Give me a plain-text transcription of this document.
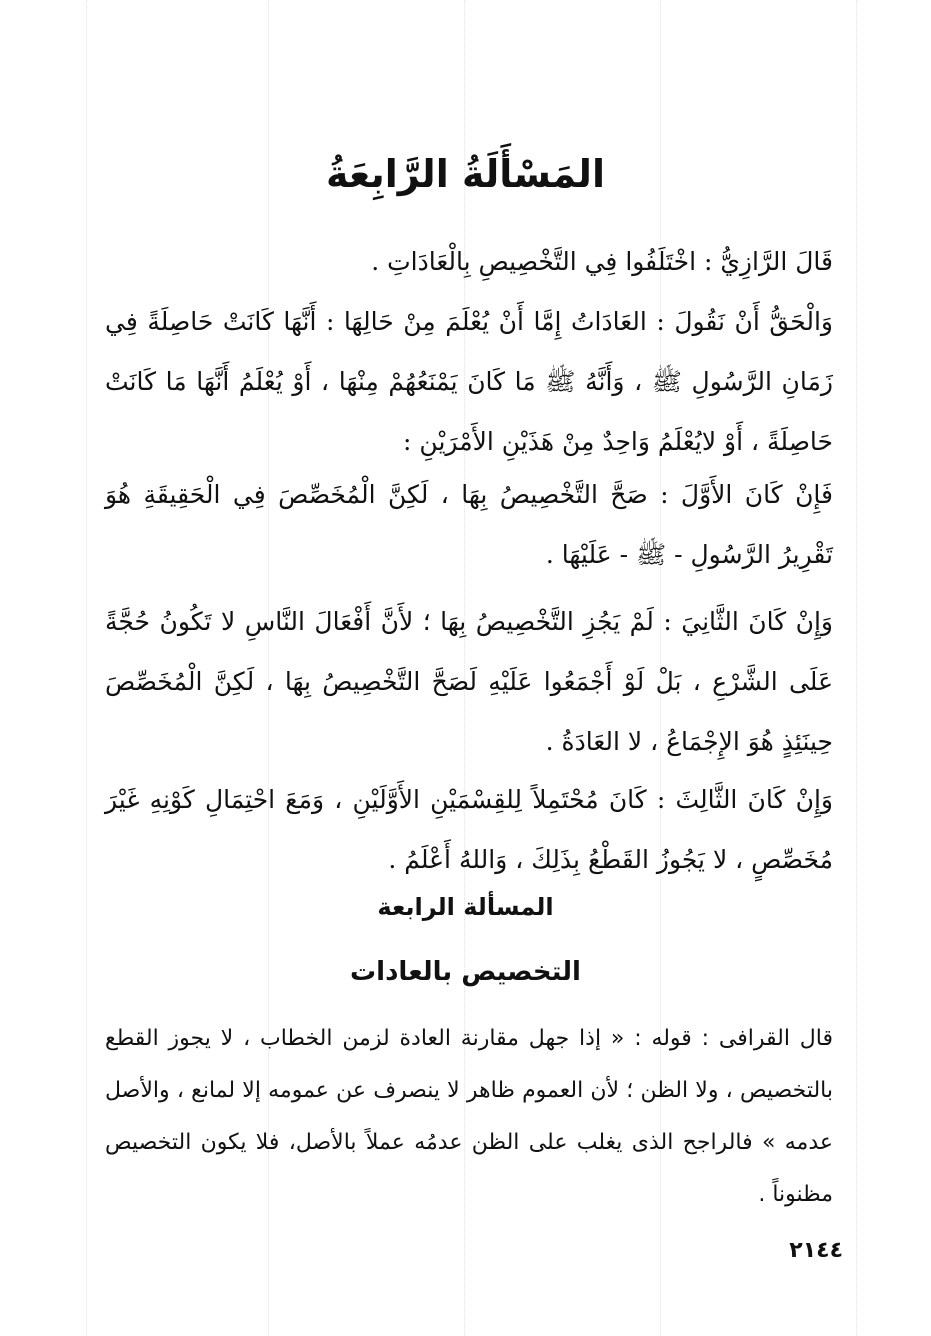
المَسْأَلَةُ الرَّابِعَةُ

قَالَ الرَّازِيُّ : اخْتَلَفُوا فِي التَّخْصِيصِ بِالْعَادَاتِ .

وَالْحَقُّ أَنْ نَقُولَ : العَادَاتُ إِمَّا أَنْ يُعْلَمَ مِنْ حَالِهَا : أَنَّهَا كَانَتْ حَاصِلَةً فِي زَمَانِ الرَّسُولِ ﷺ ، وَأَنَّهُ ﷺ مَا كَانَ يَمْنَعُهُمْ مِنْهَا ، أَوْ يُعْلَمُ أَنَّهَا مَا كَانَتْ حَاصِلَةً ، أَوْ لايُعْلَمُ وَاحِدٌ مِنْ هَذَيْنِ الأَمْرَيْنِ :

فَإِنْ كَانَ الأَوَّلَ : صَحَّ التَّخْصِيصُ بِهَا ، لَكِنَّ الْمُخَصِّصَ فِي الْحَقِيقَةِ هُوَ تَقْرِيرُ الرَّسُولِ - ﷺ - عَلَيْهَا .

وَإِنْ كَانَ الثَّانِيَ : لَمْ يَجُزِ التَّخْصِيصُ بِهَا ؛ لأَنَّ أَفْعَالَ النَّاسِ لا تَكُونُ حُجَّةً عَلَى الشَّرْعِ ، بَلْ لَوْ أَجْمَعُوا عَلَيْهِ لَصَحَّ التَّخْصِيصُ بِهَا ، لَكِنَّ الْمُخَصِّصَ حِينَئِذٍ هُوَ الإِجْمَاعُ ، لا العَادَةُ .

وَإِنْ كَانَ الثَّالِثَ : كَانَ مُحْتَمِلاً لِلقِسْمَيْنِ الأَوَّلَيْنِ ، وَمَعَ احْتِمَالِ كَوْنِهِ غَيْرَ مُخَصِّصٍ ، لا يَجُوزُ القَطْعُ بِذَلِكَ ، وَاللهُ أَعْلَمُ .

المسألة الرابعة
التخصيص بالعادات

قال القرافى : قوله : « إذا جهل مقارنة العادة لزمن الخطاب ، لا يجوز القطع بالتخصيص ، ولا الظن ؛ لأن العموم ظاهر لا ينصرف عن عمومه إلا لمانع ، والأصل عدمه » فالراجح الذى يغلب على الظن عدمُه عملاً بالأصل، فلا يكون التخصيص مظنوناً .

٢١٤٤
